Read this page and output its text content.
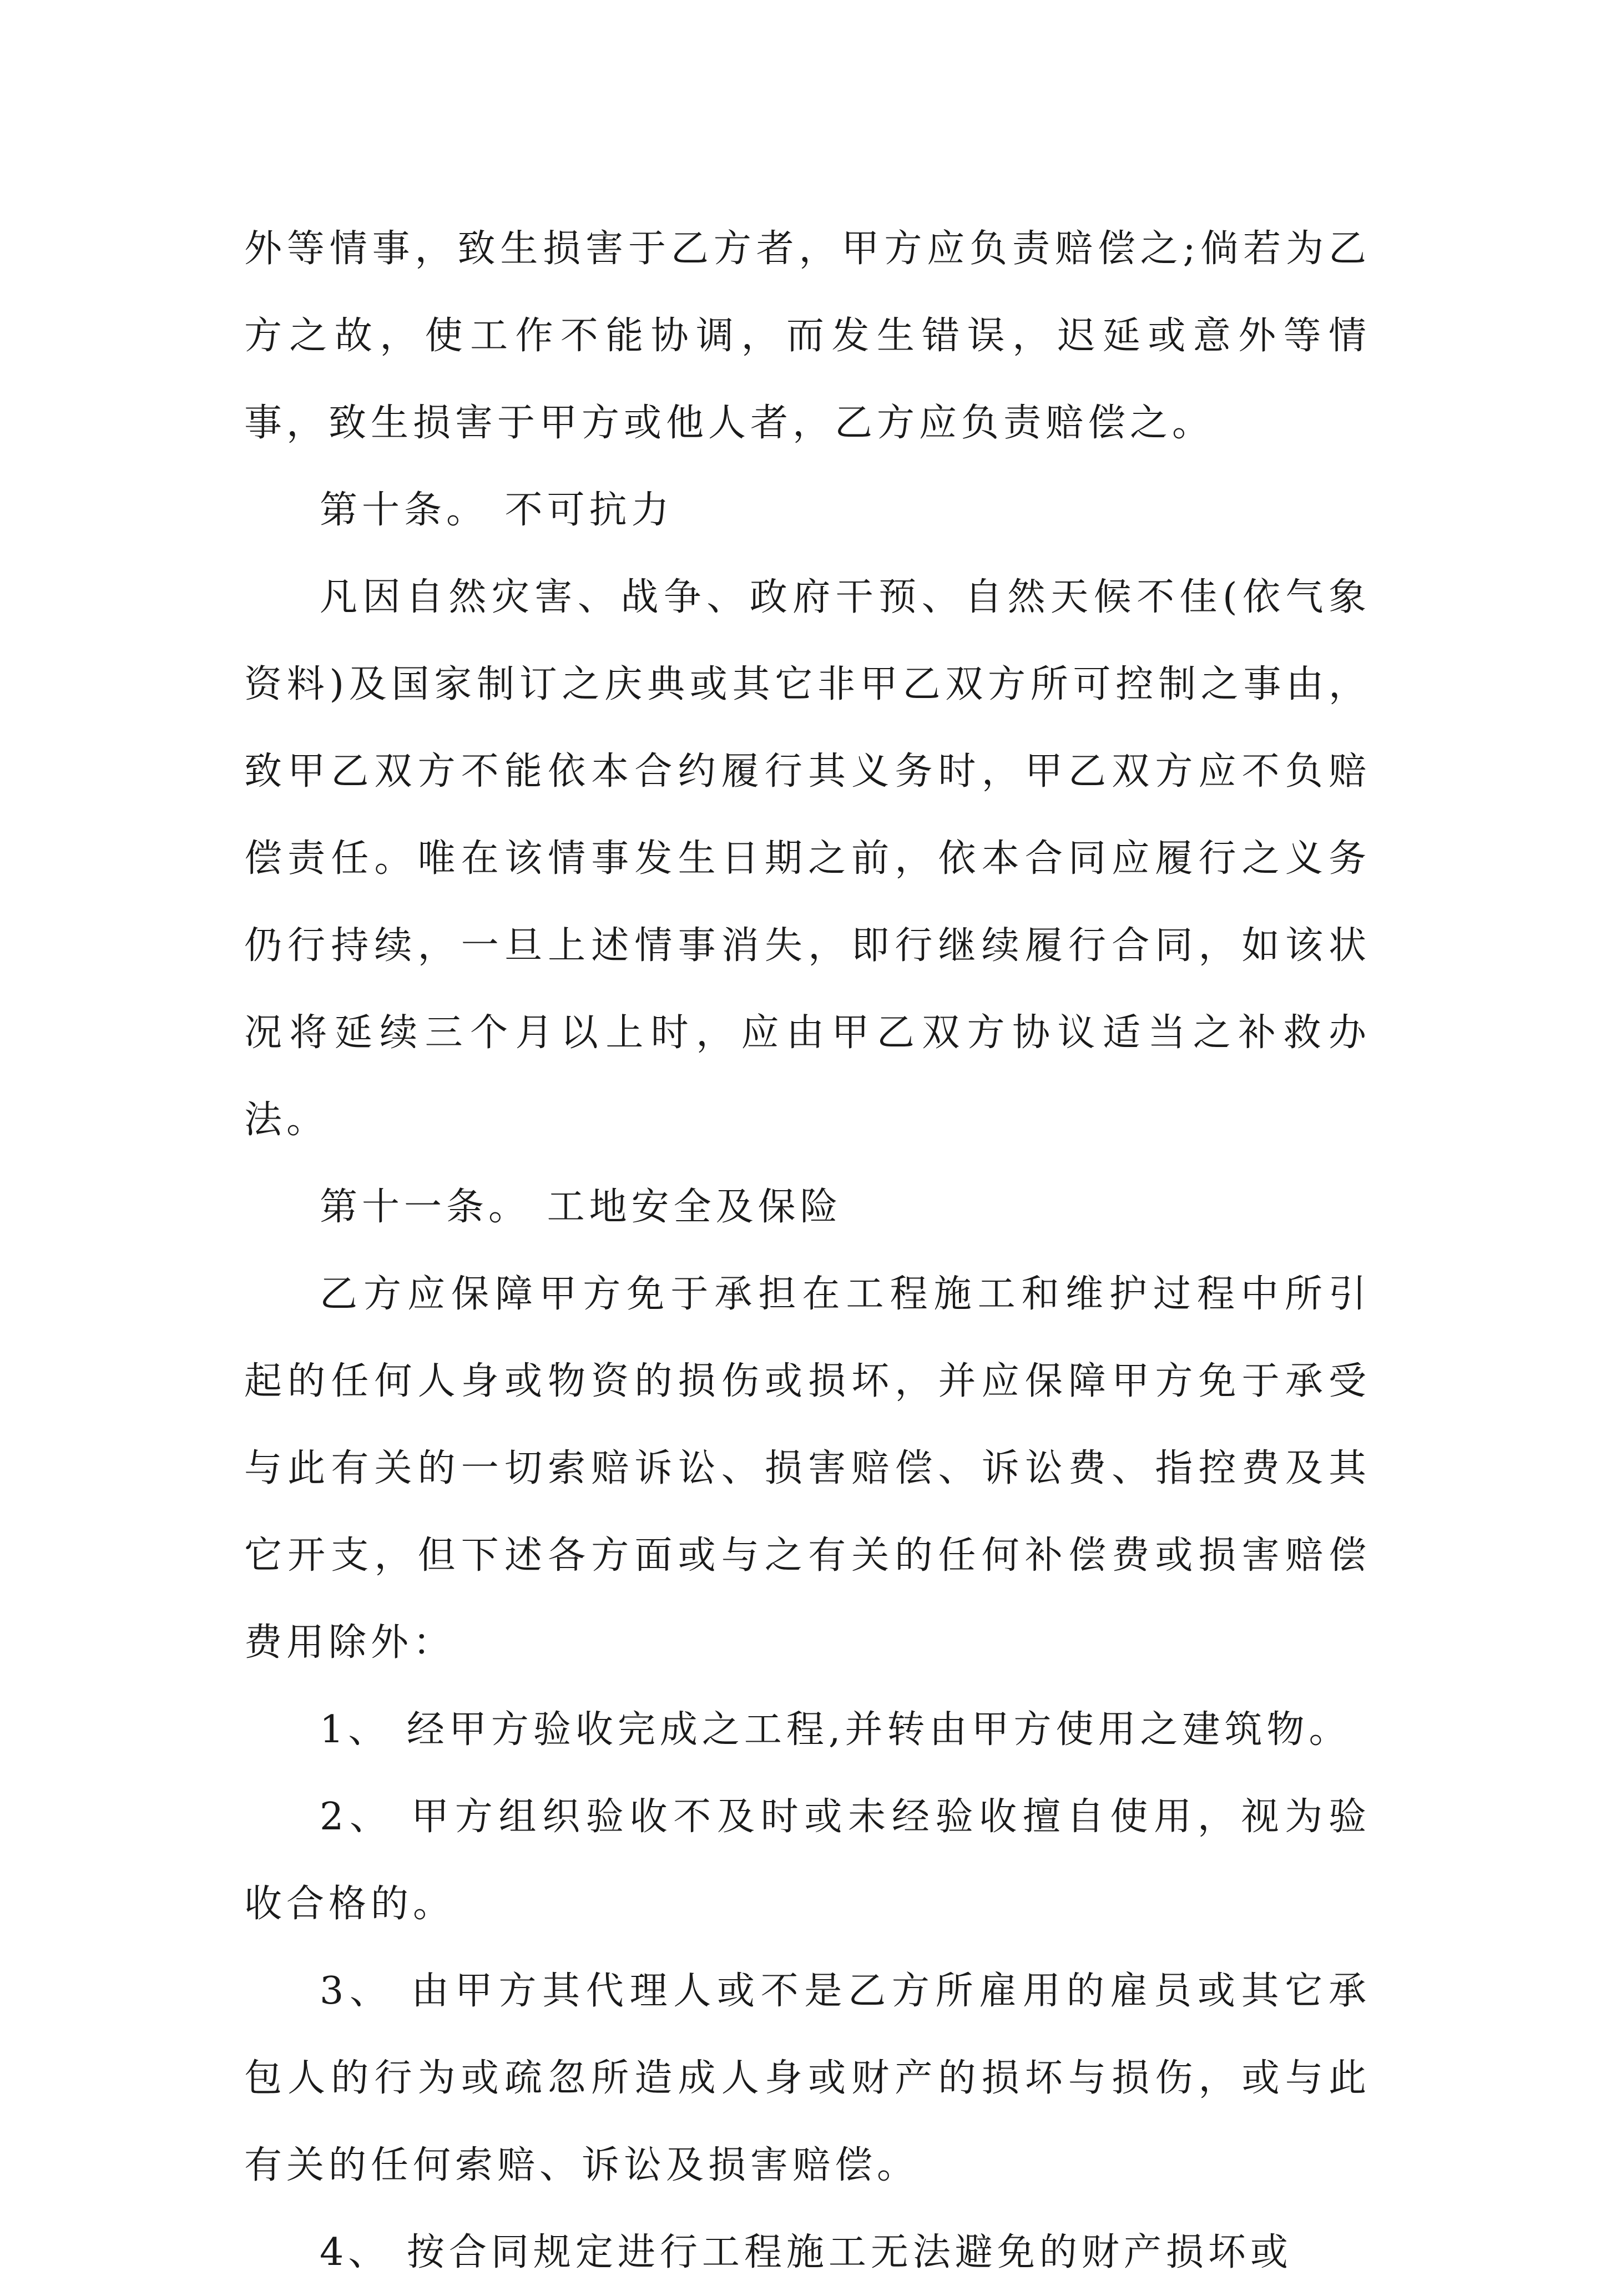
外等情事，致生损害于乙方者，甲方应负责赔偿之;倘若为乙方之故，使工作不能协调，而发生错误，迟延或意外等情事，致生损害于甲方或他人者，乙方应负责赔偿之。

第十条。 不可抗力

凡因自然灾害、战争、政府干预、自然天候不佳(依气象资料)及国家制订之庆典或其它非甲乙双方所可控制之事由，致甲乙双方不能依本合约履行其义务时，甲乙双方应不负赔偿责任。唯在该情事发生日期之前，依本合同应履行之义务仍行持续，一旦上述情事消失，即行继续履行合同，如该状况将延续三个月以上时，应由甲乙双方协议适当之补救办法。

第十一条。 工地安全及保险

乙方应保障甲方免于承担在工程施工和维护过程中所引起的任何人身或物资的损伤或损坏，并应保障甲方免于承受与此有关的一切索赔诉讼、损害赔偿、诉讼费、指控费及其它开支，但下述各方面或与之有关的任何补偿费或损害赔偿费用除外：

1、 经甲方验收完成之工程,并转由甲方使用之建筑物。

2、 甲方组织验收不及时或未经验收擅自使用，视为验收合格的。

3、 由甲方其代理人或不是乙方所雇用的雇员或其它承包人的行为或疏忽所造成人身或财产的损坏与损伤，或与此有关的任何索赔、诉讼及损害赔偿。

4、 按合同规定进行工程施工无法避免的财产损坏或
